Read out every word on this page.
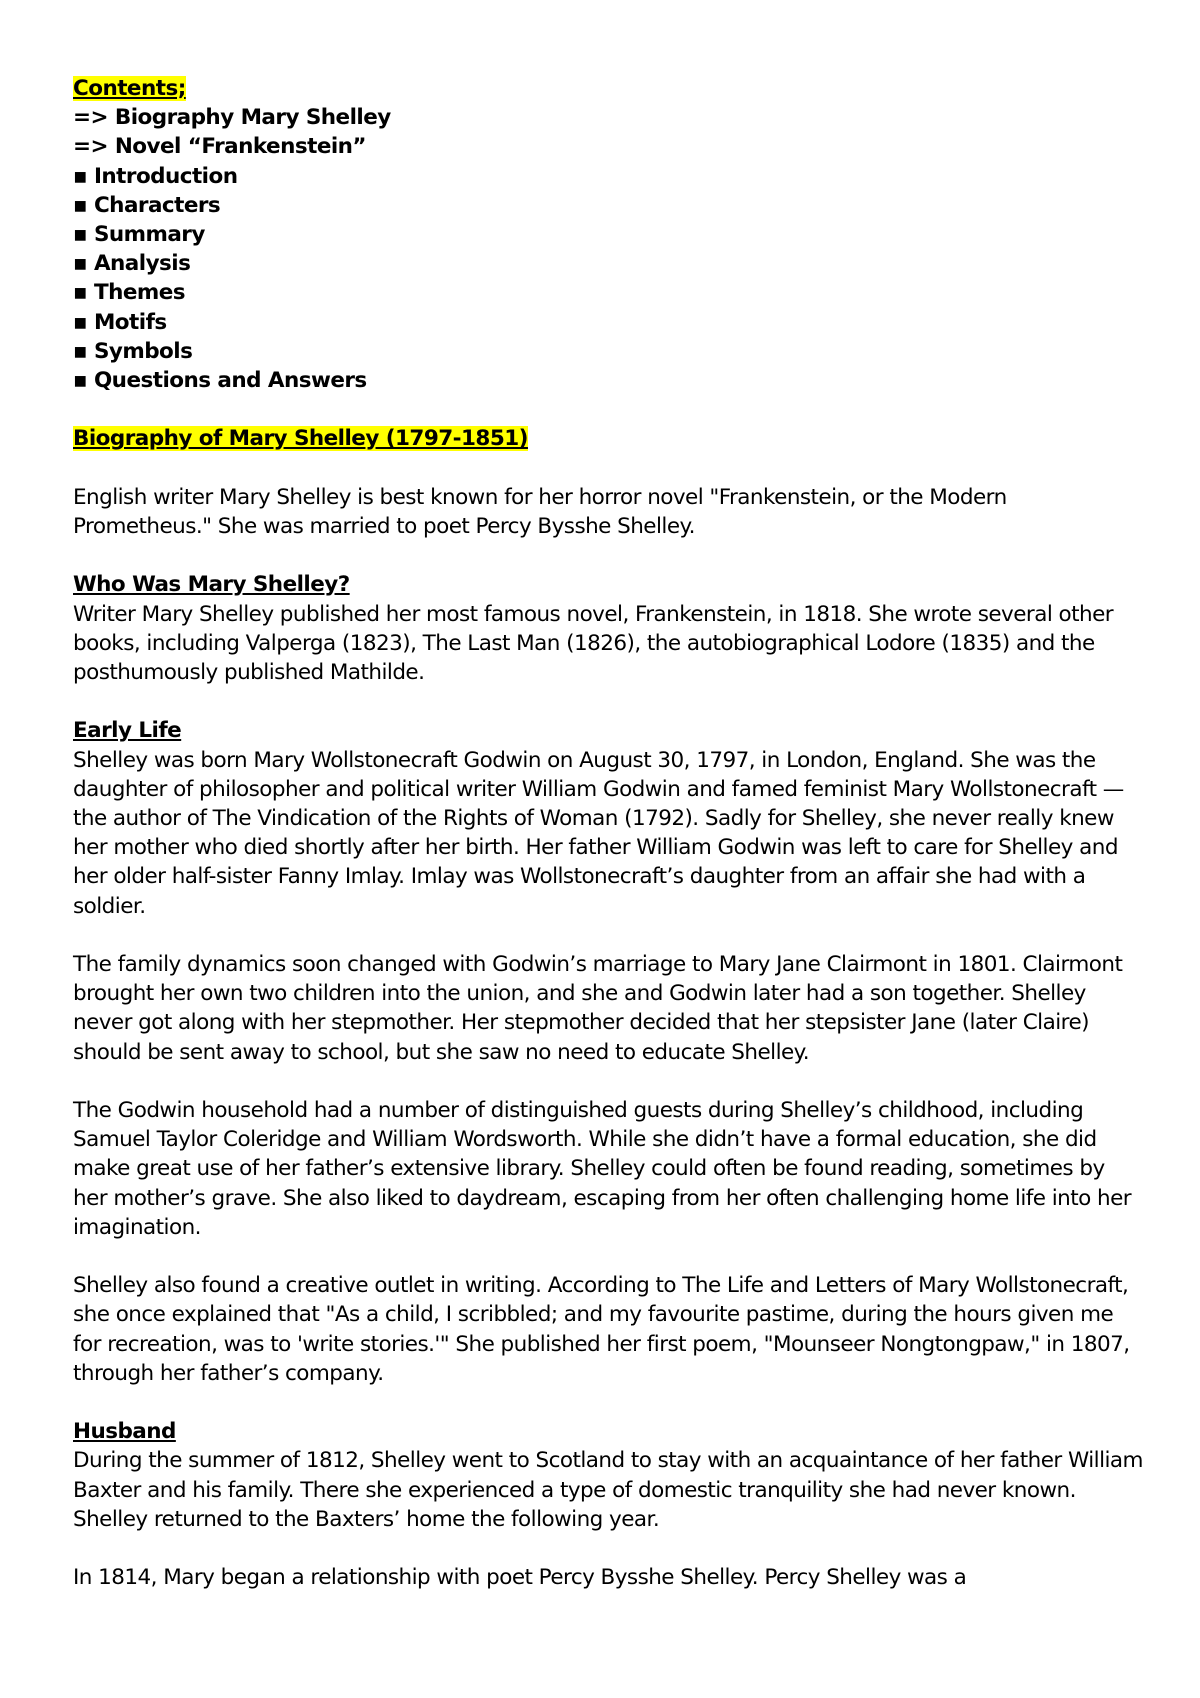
Contents;
=> Biography Mary Shelley
=> Novel “Frankenstein”
▪ Introduction
▪ Characters
▪ Summary
▪ Analysis
▪ Themes
▪ Motifs
▪ Symbols
▪ Questions and Answers
Biography of Mary Shelley (1797-1851)

English writer Mary Shelley is best known for her horror novel "Frankenstein, or the Modern Prometheus." She was married to poet Percy Bysshe Shelley.

Who Was Mary Shelley?

Writer Mary Shelley published her most famous novel, Frankenstein, in 1818. She wrote several other books, including Valperga (1823), The Last Man (1826), the autobiographical Lodore (1835) and the posthumously published Mathilde.

Early Life

Shelley was born Mary Wollstonecraft Godwin on August 30, 1797, in London, England. She was the daughter of philosopher and political writer William Godwin and famed feminist Mary Wollstonecraft — the author of The Vindication of the Rights of Woman (1792). Sadly for Shelley, she never really knew her mother who died shortly after her birth. Her father William Godwin was left to care for Shelley and her older half-sister Fanny Imlay. Imlay was Wollstonecraft’s daughter from an affair she had with a soldier.

The family dynamics soon changed with Godwin’s marriage to Mary Jane Clairmont in 1801. Clairmont brought her own two children into the union, and she and Godwin later had a son together. Shelley never got along with her stepmother. Her stepmother decided that her stepsister Jane (later Claire) should be sent away to school, but she saw no need to educate Shelley.

The Godwin household had a number of distinguished guests during Shelley’s childhood, including Samuel Taylor Coleridge and William Wordsworth. While she didn’t have a formal education, she did make great use of her father’s extensive library. Shelley could often be found reading, sometimes by her mother’s grave. She also liked to daydream, escaping from her often challenging home life into her imagination.

Shelley also found a creative outlet in writing. According to The Life and Letters of Mary Wollstonecraft, she once explained that "As a child, I scribbled; and my favourite pastime, during the hours given me for recreation, was to 'write stories.'" She published her first poem, "Mounseer Nongtongpaw," in 1807, through her father’s company.

Husband

During the summer of 1812, Shelley went to Scotland to stay with an acquaintance of her father William Baxter and his family. There she experienced a type of domestic tranquility she had never known. Shelley returned to the Baxters’ home the following year.

In 1814, Mary began a relationship with poet Percy Bysshe Shelley. Percy Shelley was a
